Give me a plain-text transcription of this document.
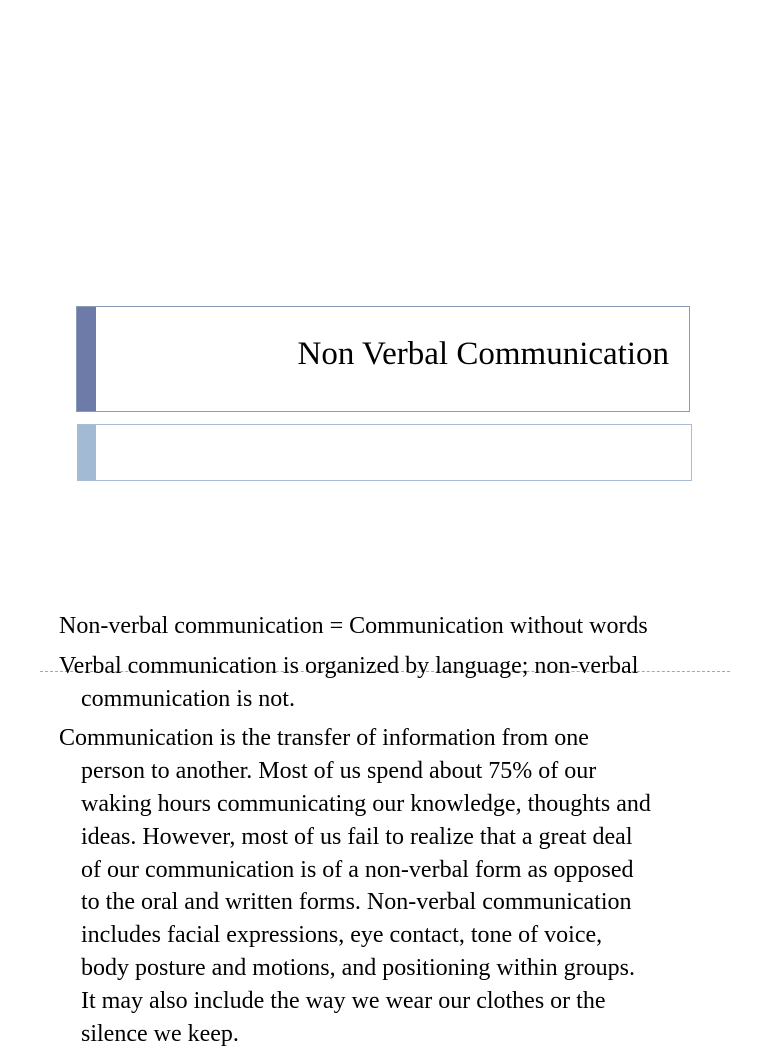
Non Verbal Communication

Non-verbal communication = Communication without words

Verbal communication is organized by language; non-verbal
communication is not.

Communication is the transfer of information from one
person to another. Most of us spend about 75% of our
waking hours communicating our knowledge, thoughts and
ideas. However, most of us fail to realize that a great deal
of our communication is of a non-verbal form as opposed
to the oral and written forms. Non-verbal communication
includes facial expressions, eye contact, tone of voice,
body posture and motions, and positioning within groups.
It may also include the way we wear our clothes or the
silence we keep.
